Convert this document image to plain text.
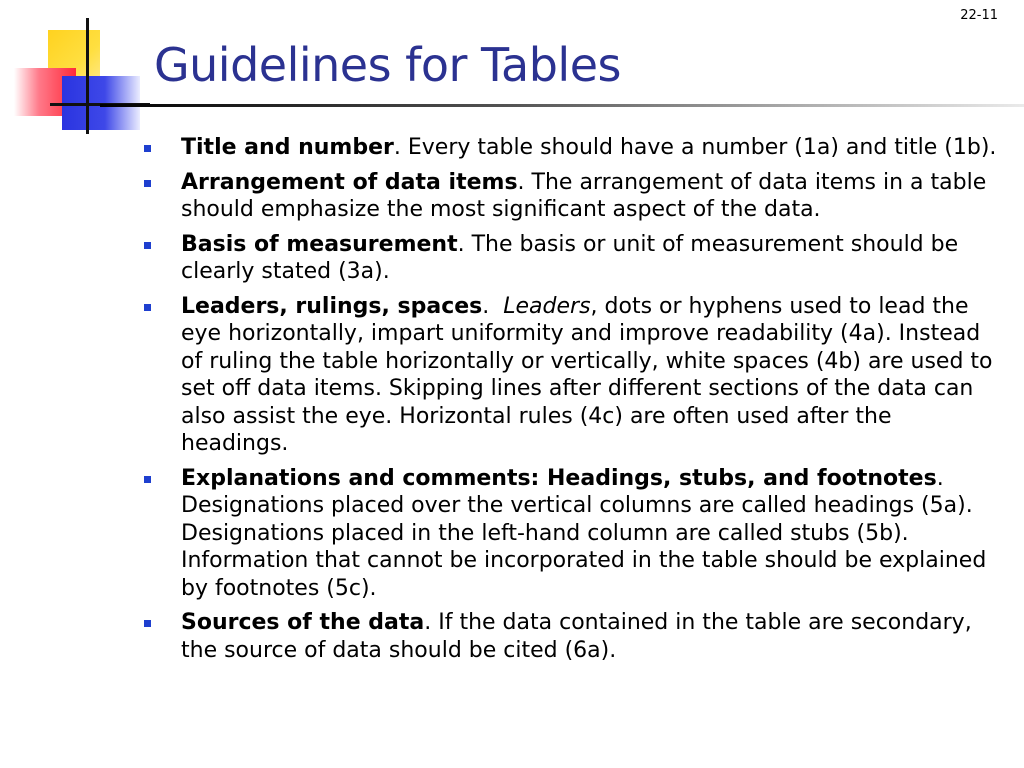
22-11
Guidelines for Tables
Title and number. Every table should have a number (1a) and title (1b).
Arrangement of data items. The arrangement of data items in a table should emphasize the most significant aspect of the data.
Basis of measurement. The basis or unit of measurement should be clearly stated (3a).
Leaders, rulings, spaces.  Leaders, dots or hyphens used to lead the eye horizontally, impart uniformity and improve readability (4a). Instead of ruling the table horizontally or vertically, white spaces (4b) are used to set off data items. Skipping lines after different sections of the data can also assist the eye. Horizontal rules (4c) are often used after the headings.
Explanations and comments: Headings, stubs, and footnotes. Designations placed over the vertical columns are called headings (5a). Designations placed in the left-hand column are called stubs (5b). Information that cannot be incorporated in the table should be explained by footnotes (5c).
Sources of the data. If the data contained in the table are secondary, the source of data should be cited (6a).
